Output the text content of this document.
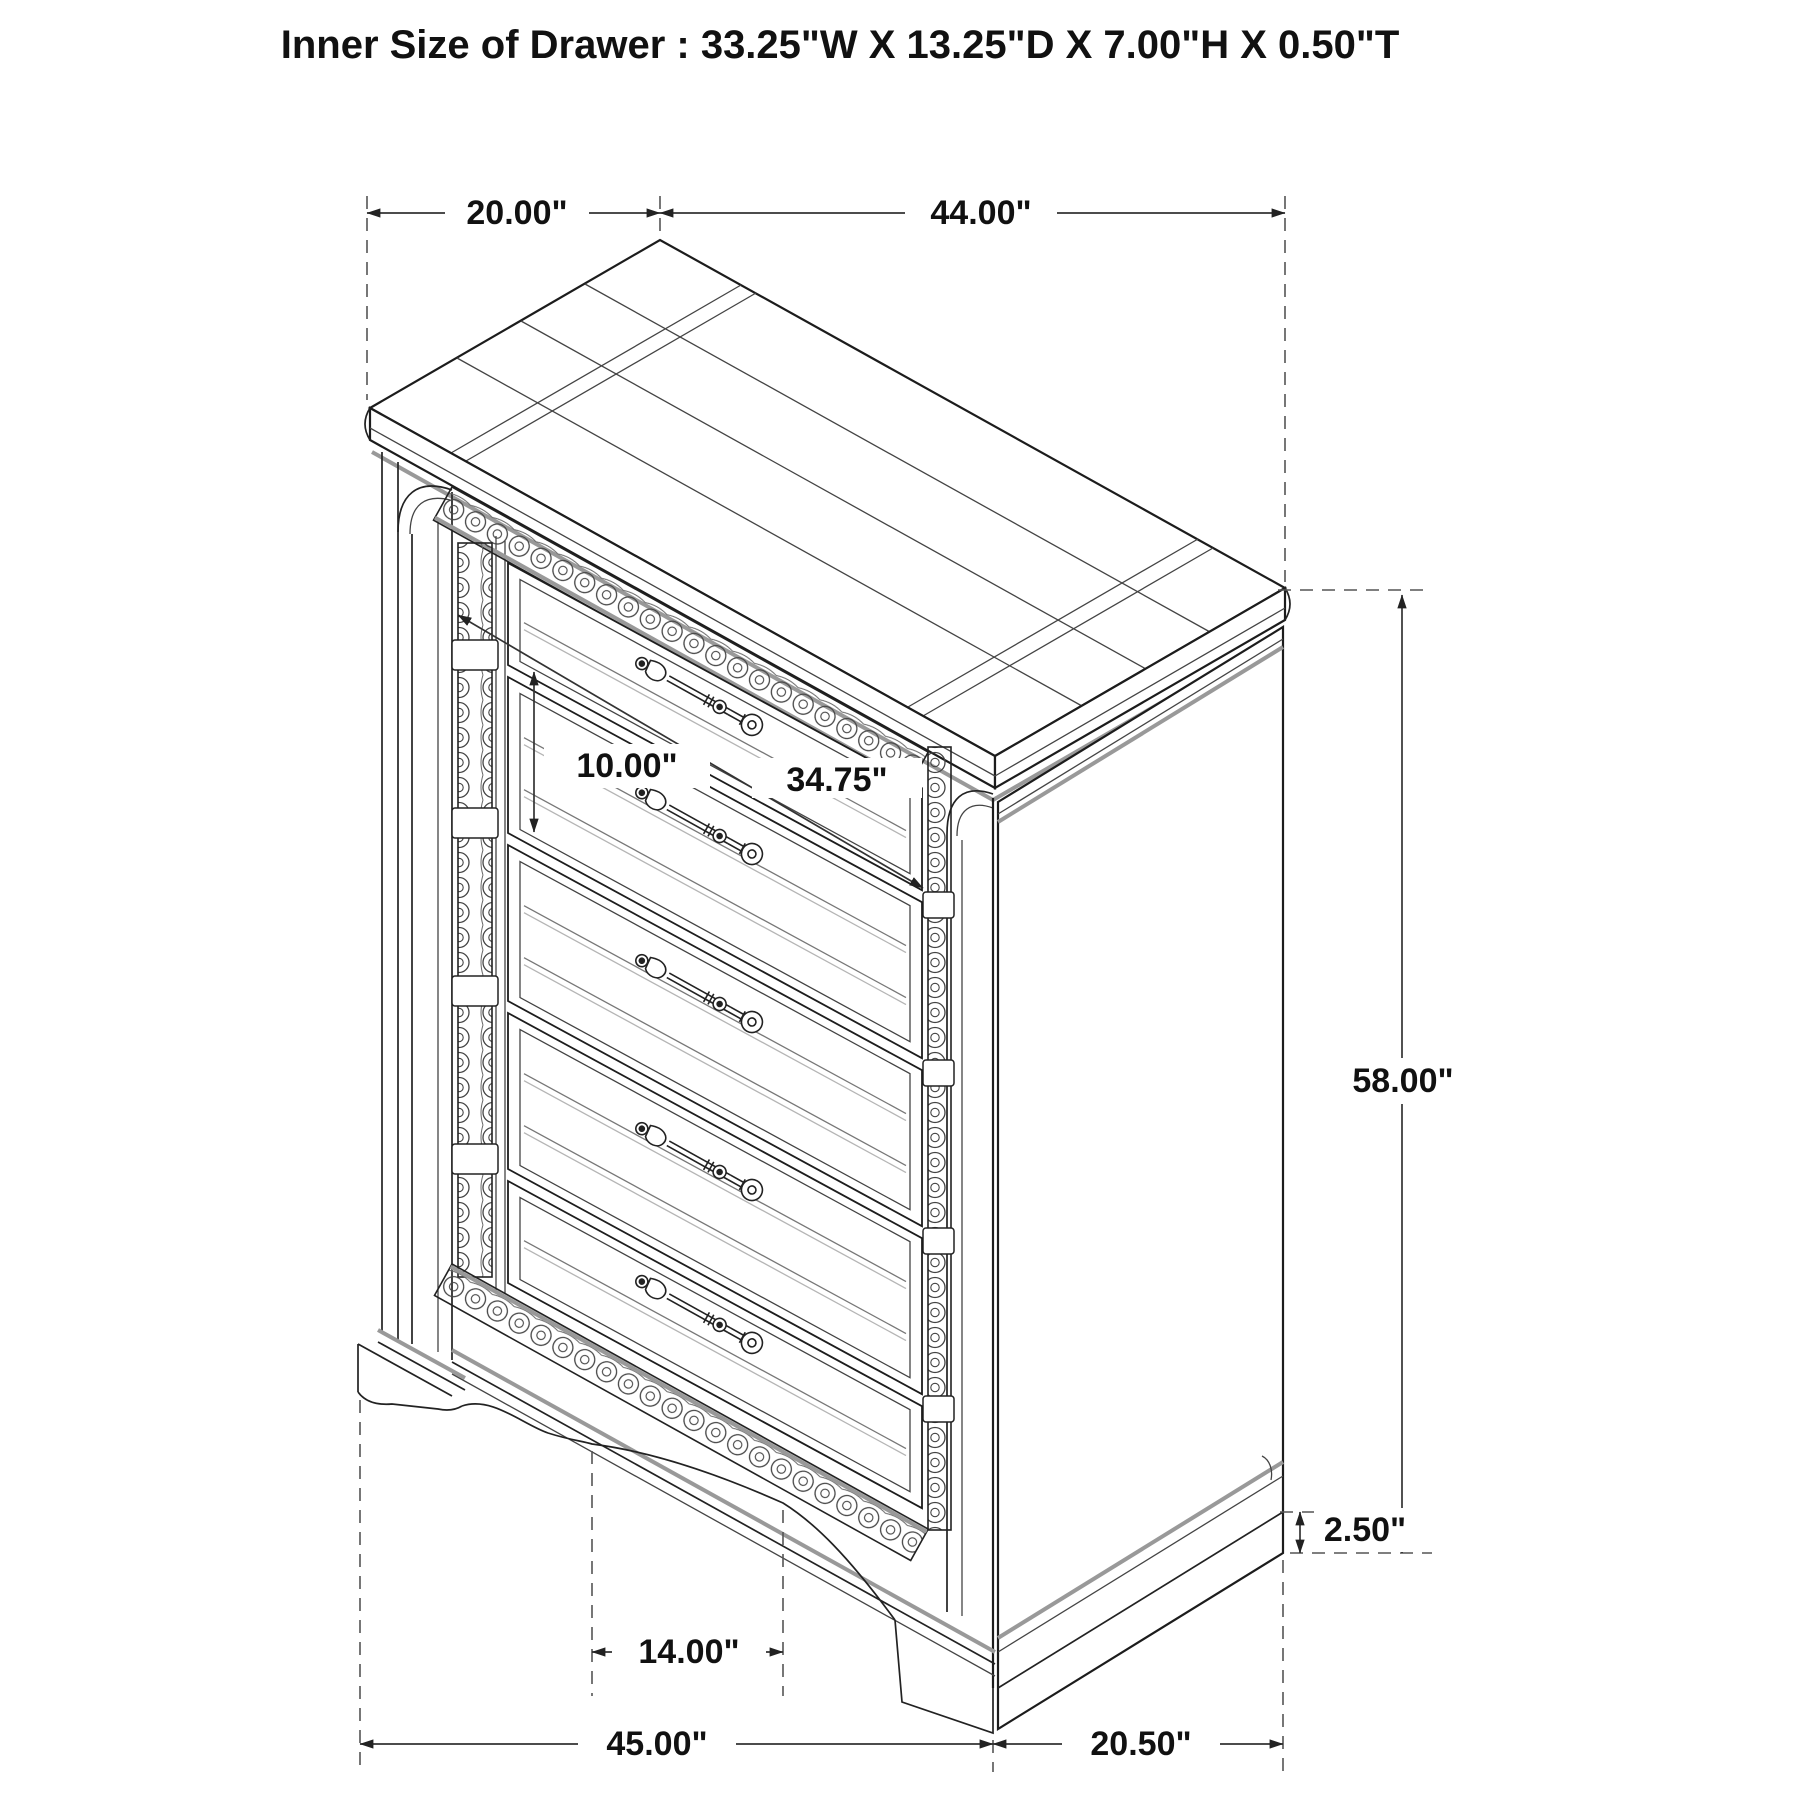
Inner Size of Drawer : 33.25"W X 13.25"D X 7.00"H X 0.50"T
20.00"	44.00"
10.00"	34.75"
58.00"
2.50"
14.00"
45.00"	20.50"
